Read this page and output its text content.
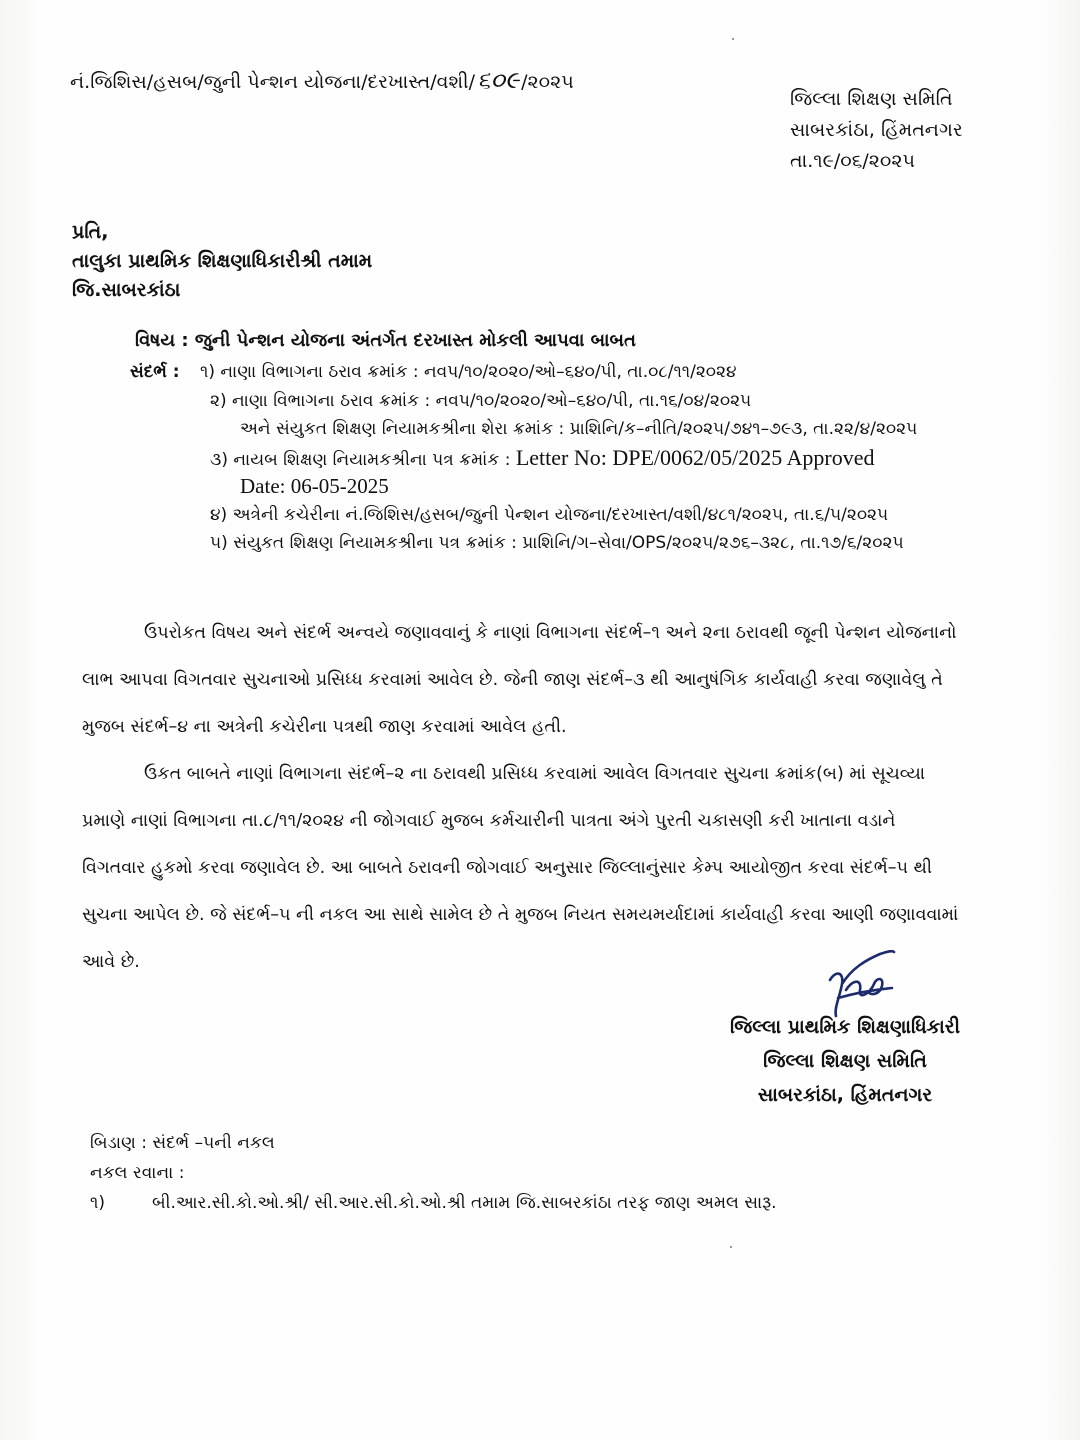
નં.જિશિસ/હસબ/જુની પેન્શન યોજના/દરખાસ્ત/વશી/૬૦૯ /૨૦૨૫
જિલ્લા શિક્ષણ સમિતિ
સાબરકાંઠા, હિંમતનગર
તા.૧૯/૦૬/૨૦૨૫
પ્રતિ,
તાલુકા પ્રાથમિક શિક્ષણાધિકારીશ્રી તમામ
જિ.સાબરકાંઠા
વિષય : જુની પેન્શન યોજના અંતર્ગત દરખાસ્ત મોકલી આપવા બાબત
સંદર્ભ : ૧) નાણા વિભાગના ઠરાવ ક્રમાંક : નવપ/૧૦/૨૦૨૦/ઓ–૬૪૦/પી, તા.૦૮/૧૧/૨૦૨૪
૨) નાણા વિભાગના ઠરાવ ક્રમાંક : નવપ/૧૦/૨૦૨૦/ઓ–૬૪૦/પી, તા.૧૬/૦૪/૨૦૨૫
અને સંયુકત શિક્ષણ નિયામકશ્રીના શેરા ક્રમાંક : પ્રાશિનિ/ક–નીતિ/૨૦૨૫/૭૪૧–૭૯૩, તા.૨૨/૪/૨૦૨૫
૩) નાયબ શિક્ષણ નિયામકશ્રીના પત્ર ક્રમાંક : Letter No: DPE/0062/05/2025 Approved
Date: 06-05-2025
૪) અત્રેની કચેરીના નં.જિશિસ/હસબ/જુની પેન્શન યોજના/દરખાસ્ત/વશી/૪૮૧/૨૦૨૫, તા.૬/૫/૨૦૨૫
૫) સંયુકત શિક્ષણ નિયામકશ્રીના પત્ર ક્રમાંક : પ્રાશિનિ/ગ–સેવા/OPS/૨૦૨૫/૨૭૬–૩૨૮, તા.૧૭/૬/૨૦૨૫
ઉપરોકત વિષય અને સંદર્ભ અન્વયે જણાવવાનું કે નાણાં વિભાગના સંદર્ભ–૧ અને ૨ના ઠરાવથી જૂની પેન્શન યોજનાનો
લાભ આપવા વિગતવાર સુચનાઓ પ્રસિધ્ધ કરવામાં આવેલ છે. જેની જાણ સંદર્ભ–૩ થી આનુષંગિક કાર્યવાહી કરવા જણાવેલુ તે
મુજબ સંદર્ભ–૪ ના અત્રેની કચેરીના પત્રથી જાણ કરવામાં આવેલ હતી.
ઉકત બાબતે નાણાં વિભાગના સંદર્ભ–૨ ના ઠરાવથી પ્રસિધ્ધ કરવામાં આવેલ વિગતવાર સુચના ક્રમાંક(બ) માં સૂચવ્યા
પ્રમાણે નાણાં વિભાગના તા.૮/૧૧/૨૦૨૪ ની જોગવાઈ મુજબ કર્મચારીની પાત્રતા અંગે પુરતી ચકાસણી કરી ખાતાના વડાને
વિગતવાર હુકમો કરવા જણાવેલ છે. આ બાબતે ઠરાવની જોગવાઈ અનુસાર જિલ્લાનુંસાર કેમ્પ આયોજીત કરવા સંદર્ભ–૫ થી
સુચના આપેલ છે. જે સંદર્ભ–૫ ની નકલ આ સાથે સામેલ છે તે મુજબ નિયત સમયમર્યાદામાં કાર્યવાહી કરવા આણી જણાવવામાં
આવે છે.
જિલ્લા પ્રાથમિક શિક્ષણાધિકારી
જિલ્લા શિક્ષણ સમિતિ
સાબરકાંઠા, હિંમતનગર
બિડાણ : સંદર્ભ –૫ની નકલ
નકલ રવાના :
૧)	બી.આર.સી.કો.ઓ.શ્રી/ સી.આર.સી.કો.ઓ.શ્રી તમામ જિ.સાબરકાંઠા તરફ જાણ અમલ સારૂ.
